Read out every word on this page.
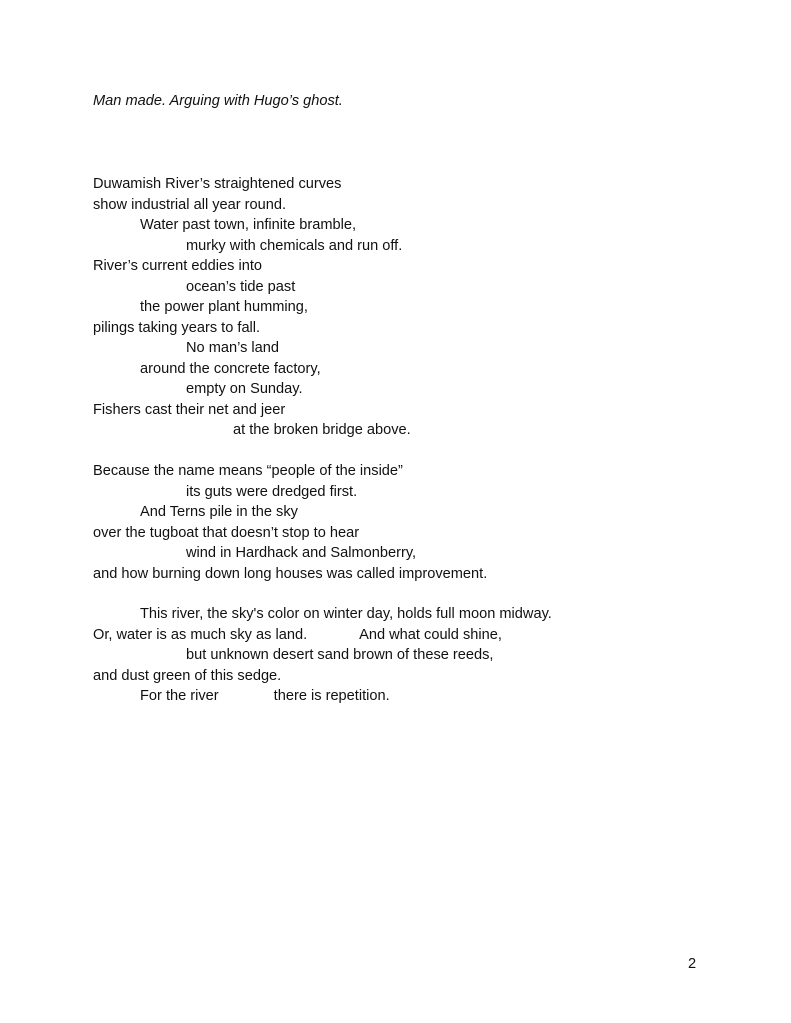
Man made. Arguing with Hugo’s ghost.
Duwamish River’s straightened curves
show industrial all year round.
Water past town, infinite bramble,
murky with chemicals and run off.
River’s current eddies into
ocean’s tide past
the power plant humming,
pilings taking years to fall.
No man’s land
around the concrete factory,
empty on Sunday.
Fishers cast their net and jeer
at the broken bridge above.
Because the name means “people of the inside”
its guts were dredged first.
And Terns pile in the sky
over the tugboat that doesn’t stop to hear
wind in Hardhack and Salmonberry,
and how burning down long houses was called improvement.
This river, the sky's color on winter day, holds full moon midway.
Or, water is as much sky as land.	And what could shine,
but unknown desert sand brown of these reeds,
and dust green of this sedge.
For the river	there is repetition.
2
